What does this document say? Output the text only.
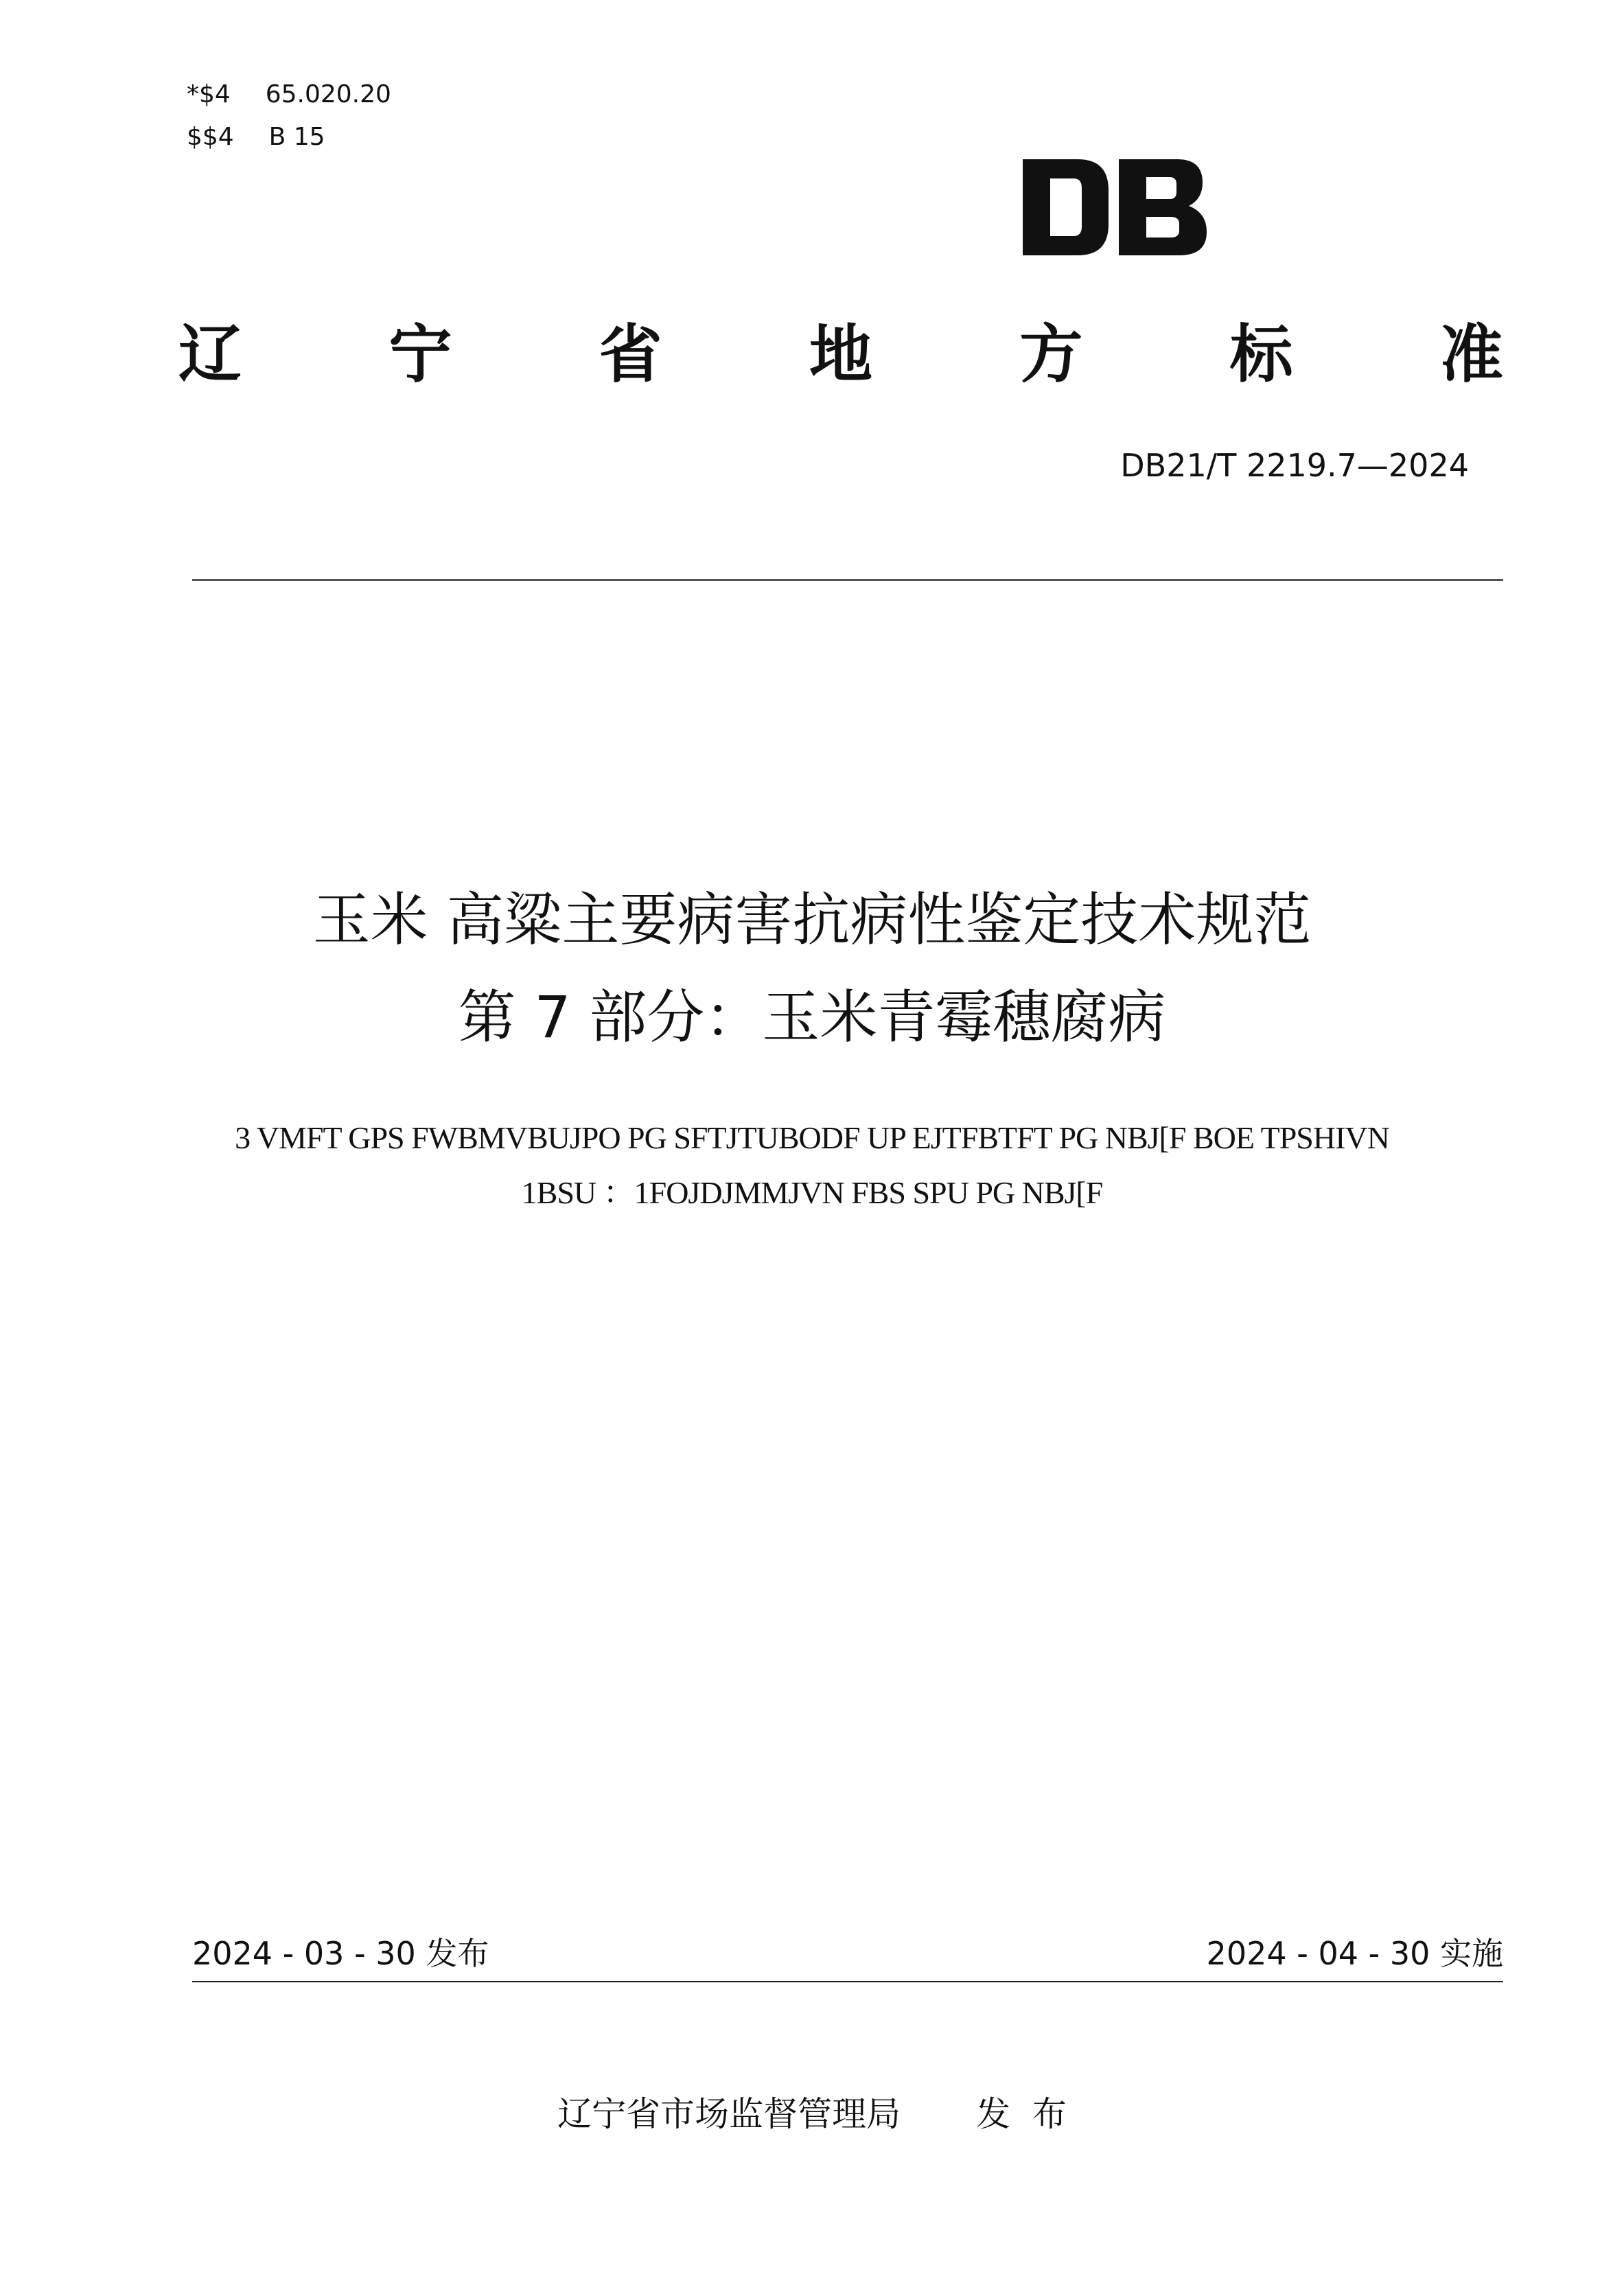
*$4 65.020.20
$$4 B 15
辽 宁 省 地 方 标 准
DB21/T 2219.7—2024
玉米 高粱主要病害抗病性鉴定技术规范
第 7 部分：玉米青霉穗腐病
3 VMFT GPS FWBMVBUJPO PG SFTJTUBODF UP EJTFBTFT PG NBJ[F BOE TPSHIVN
1BSU ：1FOJDJMMJVN FBS SPU PG NBJ[F
2024 - 03 - 30 发布	2024 - 04 - 30 实施
辽宁省市场监督管理局 发  布
